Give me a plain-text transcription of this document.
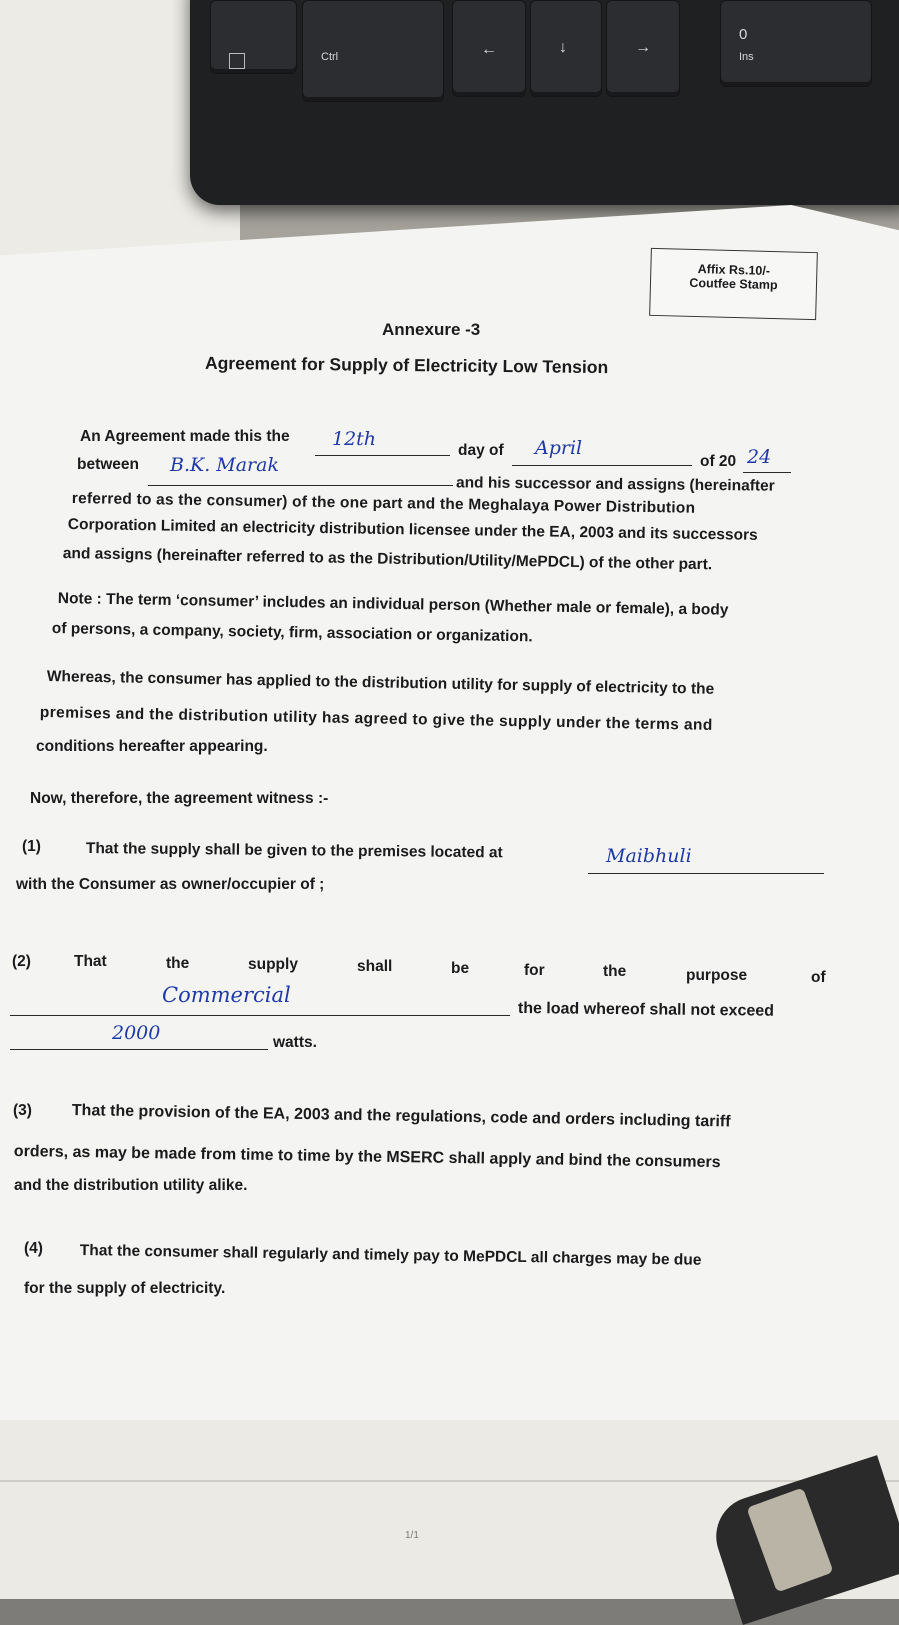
Ctrl	←	↓	→
0
Ins
Affix Rs.10/-
Coutfee Stamp
Annexure -3
Agreement for Supply of Electricity Low Tension
An Agreement made this the 12th
day of April
of 20 24
between B.K. Marak
and his successor and assigns (hereinafter
referred to as the consumer) of the one part and the Meghalaya Power Distribution
Corporation Limited an electricity distribution licensee under the EA, 2003 and its successors
and assigns (hereinafter referred to as the Distribution/Utility/MePDCL) of the other part.
Note : The term ‘consumer’ includes an individual person (Whether male or female), a body
of persons, a company, society, firm, association or organization.
Whereas, the consumer has applied to the distribution utility for supply of electricity to the
premises and the distribution utility has agreed to give the supply under the terms and
conditions hereafter appearing.
Now, therefore, the agreement witness :-
(1)	That the supply shall be given to the premises located at	Maibhuli
with the Consumer as owner/occupier of ;
(2)	That	the	supply	shall	be	for	the	purpose	of
Commercial
the load whereof shall not exceed
2000	watts.
(3) That the provision of the EA, 2003 and the regulations, code and orders including tariff
orders, as may be made from time to time by the MSERC shall apply and bind the consumers
and the distribution utility alike.
(4) That the consumer shall regularly and timely pay to MePDCL all charges may be due
for the supply of electricity.
1/1
